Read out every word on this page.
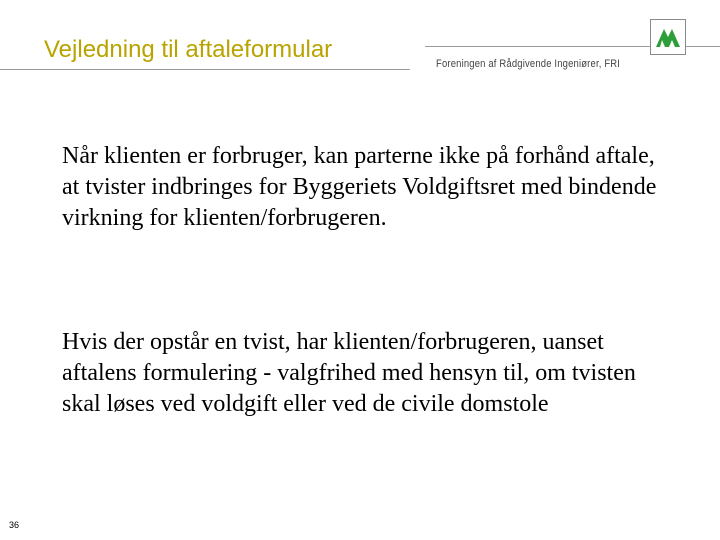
Vejledning til aftaleformular
Foreningen af Rådgivende Ingeniører, FRI

Når klienten er forbruger, kan parterne ikke på forhånd aftale, at tvister indbringes for Byggeriets Voldgiftsret med bindende virkning for klienten/forbrugeren.

Hvis der opstår en tvist, har klienten/forbrugeren, uanset aftalens formulering - valgfrihed med hensyn til, om tvisten skal løses ved voldgift eller ved de civile domstole

36
